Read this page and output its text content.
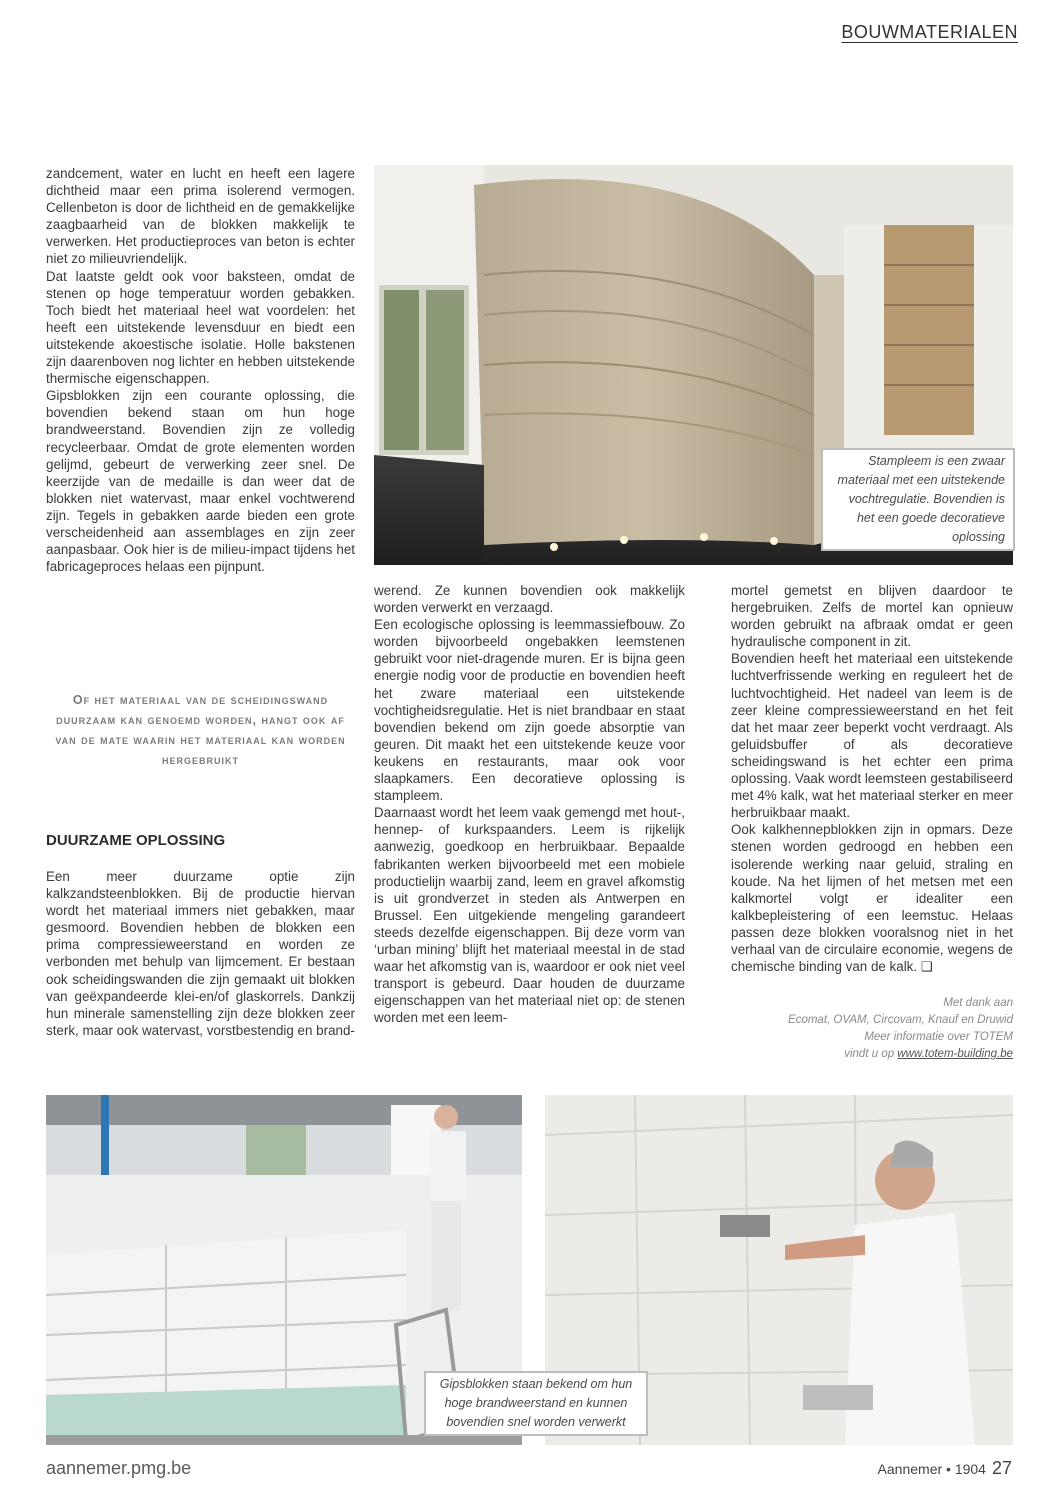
BOUWMATERIALEN

zandcement, water en lucht en heeft een lagere dichtheid maar een prima isolerend vermogen. Cellenbeton is door de lichtheid en de gemakkelijke zaagbaarheid van de blokken makkelijk te verwerken. Het productieproces van beton is echter niet zo milieuvriendelijk.

Dat laatste geldt ook voor baksteen, omdat de stenen op hoge temperatuur worden gebakken. Toch biedt het materiaal heel wat voordelen: het heeft een uitstekende levensduur en biedt een uitstekende akoestische isolatie. Holle bakstenen zijn daarenboven nog lichter en hebben uitstekende thermische eigenschappen.

Gipsblokken zijn een courante oplossing, die bovendien bekend staan om hun hoge brandweerstand. Bovendien zijn ze volledig recycleerbaar. Omdat de grote elementen worden gelijmd, gebeurt de verwerking zeer snel. De keerzijde van de medaille is dan weer dat de blokken niet watervast, maar enkel vochtwerend zijn. Tegels in gebakken aarde bieden een grote verscheidenheid aan assemblages en zijn zeer aanpasbaar. Ook hier is de milieu-impact tijdens het fabricageproces helaas een pijnpunt.

Of het materiaal van de scheidingswand duurzaam kan genoemd worden, hangt ook af van de mate waarin het materiaal kan worden hergebruikt
DUURZAME OPLOSSING

Een meer duurzame optie zijn kalkzandsteenblokken. Bij de productie hiervan wordt het materiaal immers niet gebakken, maar gesmoord. Bovendien hebben de blokken een prima compressieweerstand en worden ze verbonden met behulp van lijmcement. Er bestaan ook scheidingswanden die zijn gemaakt uit blokken van geëxpandeerde klei-en/of glaskorrels. Dankzij hun minerale samenstelling zijn deze blokken zeer sterk, maar ook watervast, vorstbestendig en brand-

werend. Ze kunnen bovendien ook makkelijk worden verwerkt en verzaagd.

Een ecologische oplossing is leemmassiefbouw. Zo worden bijvoorbeeld ongebakken leemstenen gebruikt voor niet-dragende muren. Er is bijna geen energie nodig voor de productie en bovendien heeft het zware materiaal een uitstekende vochtigheidsregulatie. Het is niet brandbaar en staat bovendien bekend om zijn goede absorptie van geuren. Dit maakt het een uitstekende keuze voor keukens en restaurants, maar ook voor slaapkamers. Een decoratieve oplossing is stampleem.

Daarnaast wordt het leem vaak gemengd met hout-, hennep- of kurkspaanders. Leem is rijkelijk aanwezig, goedkoop en herbruikbaar. Bepaalde fabrikanten werken bijvoorbeeld met een mobiele productielijn waarbij zand, leem en gravel afkomstig is uit grondverzet in steden als Antwerpen en Brussel. Een uitgekiende mengeling garandeert steeds dezelfde eigenschappen. Bij deze vorm van ‘urban mining’ blijft het materiaal meestal in de stad waar het afkomstig van is, waardoor er ook niet veel transport is gebeurd. Daar houden de duurzame eigenschappen van het materiaal niet op: de stenen worden met een leem-

mortel gemetst en blijven daardoor te hergebruiken. Zelfs de mortel kan opnieuw worden gebruikt na afbraak omdat er geen hydraulische component in zit.

Bovendien heeft het materiaal een uitstekende luchtverfrissende werking en reguleert het de luchtvochtigheid. Het nadeel van leem is de zeer kleine compressieweerstand en het feit dat het maar zeer beperkt vocht verdraagt. Als geluidsbuffer of als decoratieve scheidingswand is het echter een prima oplossing. Vaak wordt leemsteen gestabiliseerd met 4% kalk, wat het materiaal sterker en meer herbruikbaar maakt.

Ook kalkhennepblokken zijn in opmars. Deze stenen worden gedroogd en hebben een isolerende werking naar geluid, straling en koude. Na het lijmen of het metsen met een kalkmortel volgt er idealiter een kalkbepleistering of een leemstuc. Helaas passen deze blokken vooralsnog niet in het verhaal van de circulaire economie, wegens de chemische binding van de kalk. ❑

Met dank aan
Ecomat, OVAM, Circovam, Knauf en Druwid
Meer informatie over TOTEM
vindt u op www.totem-building.be
Stampleem is een zwaar materiaal met een uitstekende vochtregulatie. Bovendien is het een goede decoratieve oplossing
Gipsblokken staan bekend om hun hoge brandweerstand en kunnen bovendien snel worden verwerkt
aannemer.pmg.be	Aannemer • 1904 27
